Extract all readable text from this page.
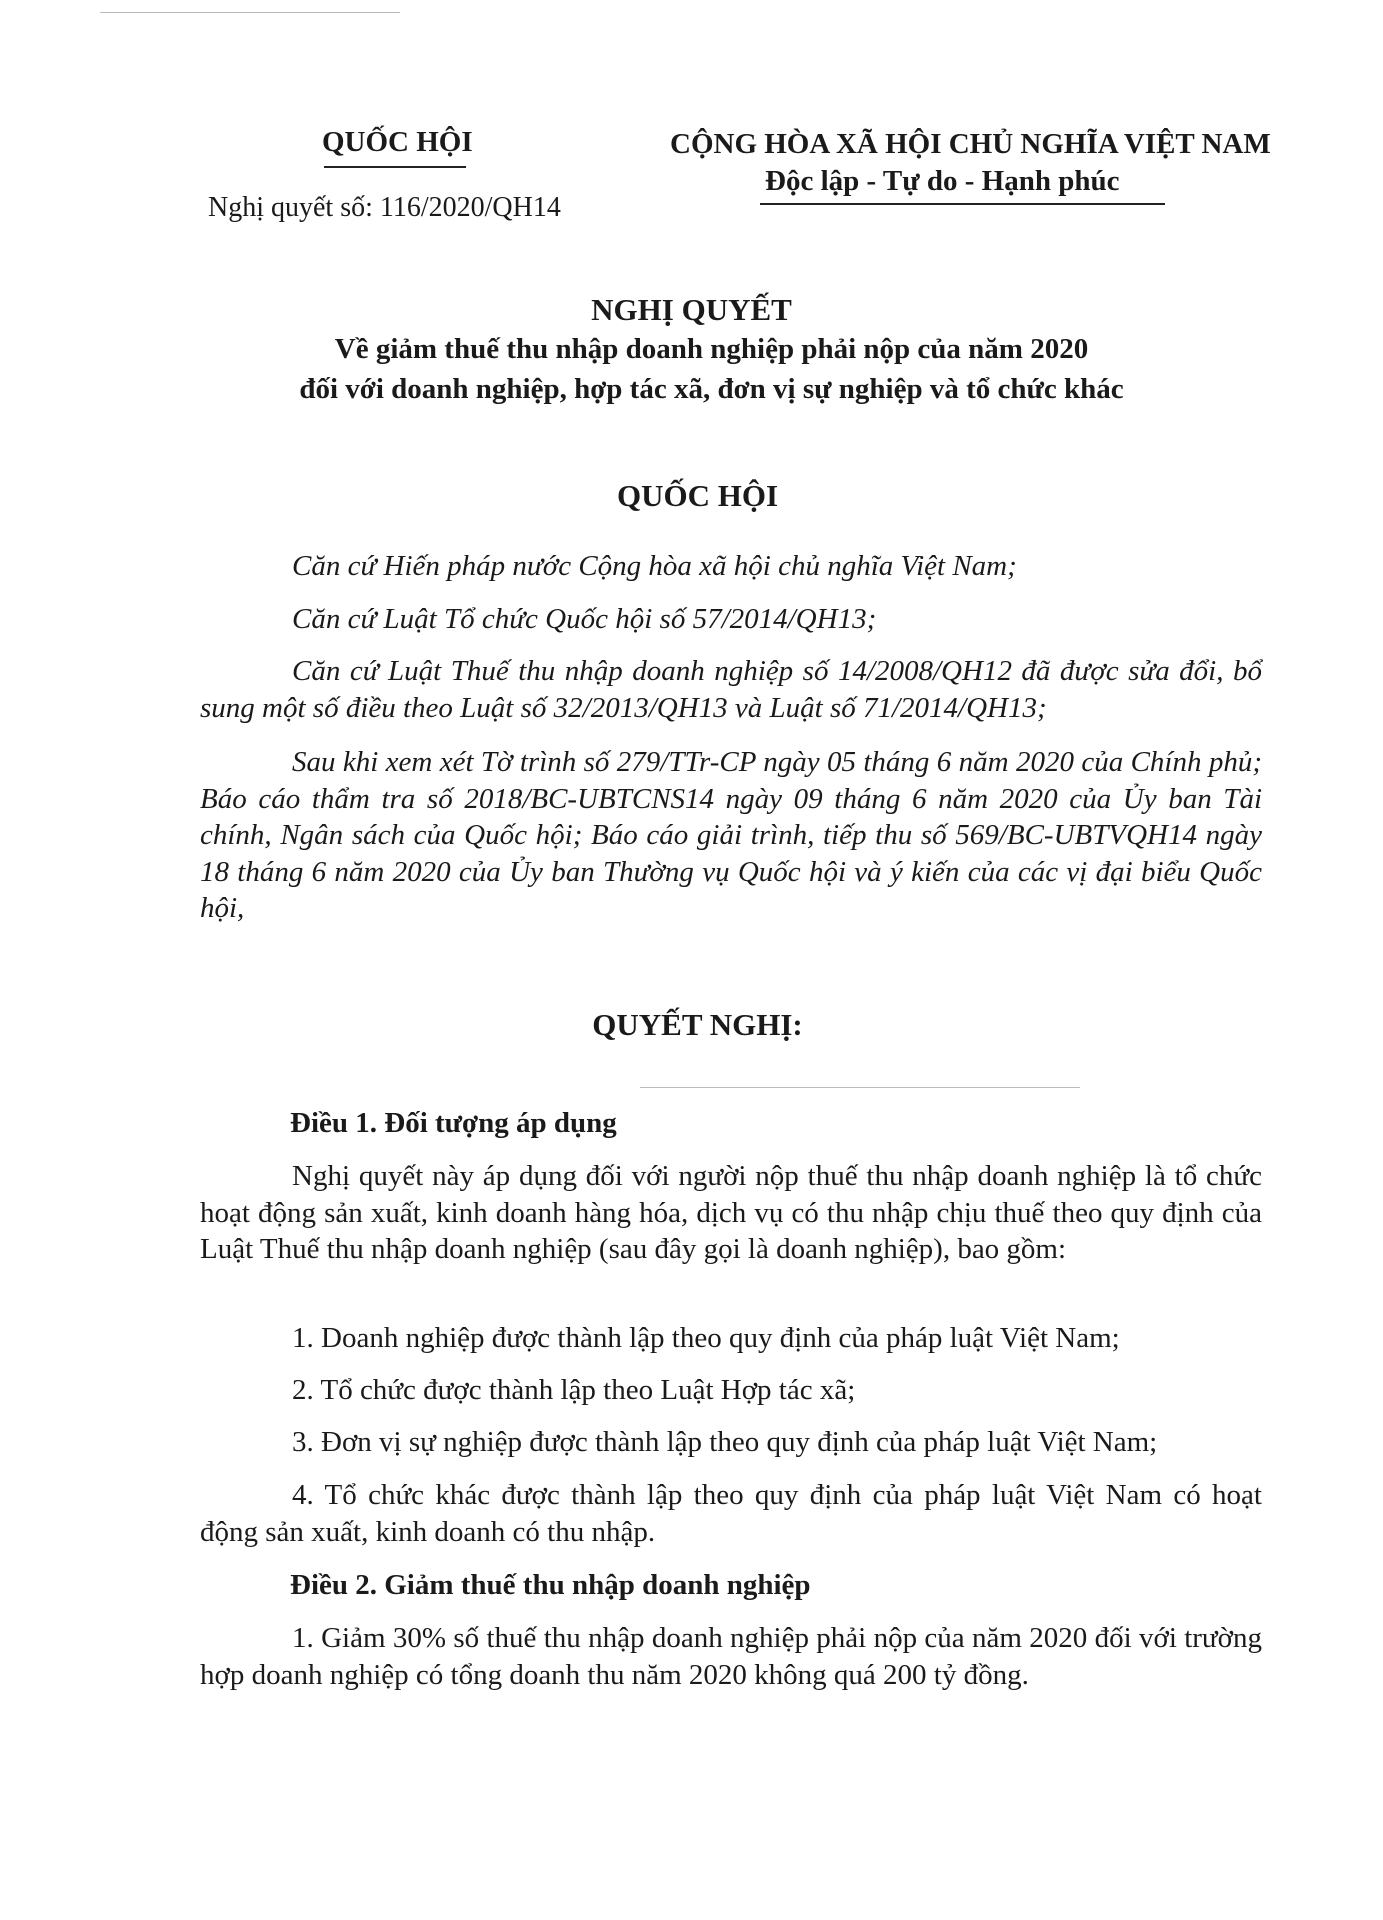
QUỐC HỘI
Nghị quyết số: 116/2020/QH14
CỘNG HÒA XÃ HỘI CHỦ NGHĨA VIỆT NAM
Độc lập - Tự do - Hạnh phúc
NGHỊ QUYẾT
Về giảm thuế thu nhập doanh nghiệp phải nộp của năm 2020
đối với doanh nghiệp, hợp tác xã, đơn vị sự nghiệp và tổ chức khác
QUỐC HỘI
Căn cứ Hiến pháp nước Cộng hòa xã hội chủ nghĩa Việt Nam;
Căn cứ Luật Tổ chức Quốc hội số 57/2014/QH13;
Căn cứ Luật Thuế thu nhập doanh nghiệp số 14/2008/QH12 đã được sửa đổi, bổ sung một số điều theo Luật số 32/2013/QH13 và Luật số 71/2014/QH13;
Sau khi xem xét Tờ trình số 279/TTr-CP ngày 05 tháng 6 năm 2020 của Chính phủ; Báo cáo thẩm tra số 2018/BC-UBTCNS14 ngày 09 tháng 6 năm 2020 của Ủy ban Tài chính, Ngân sách của Quốc hội; Báo cáo giải trình, tiếp thu số 569/BC-UBTVQH14 ngày 18 tháng 6 năm 2020 của Ủy ban Thường vụ Quốc hội và ý kiến của các vị đại biểu Quốc hội,
QUYẾT NGHỊ:
Điều 1. Đối tượng áp dụng
Nghị quyết này áp dụng đối với người nộp thuế thu nhập doanh nghiệp là tổ chức hoạt động sản xuất, kinh doanh hàng hóa, dịch vụ có thu nhập chịu thuế theo quy định của Luật Thuế thu nhập doanh nghiệp (sau đây gọi là doanh nghiệp), bao gồm:
1. Doanh nghiệp được thành lập theo quy định của pháp luật Việt Nam;
2. Tổ chức được thành lập theo Luật Hợp tác xã;
3. Đơn vị sự nghiệp được thành lập theo quy định của pháp luật Việt Nam;
4. Tổ chức khác được thành lập theo quy định của pháp luật Việt Nam có hoạt động sản xuất, kinh doanh có thu nhập.
Điều 2. Giảm thuế thu nhập doanh nghiệp
1. Giảm 30% số thuế thu nhập doanh nghiệp phải nộp của năm 2020 đối với trường hợp doanh nghiệp có tổng doanh thu năm 2020 không quá 200 tỷ đồng.
